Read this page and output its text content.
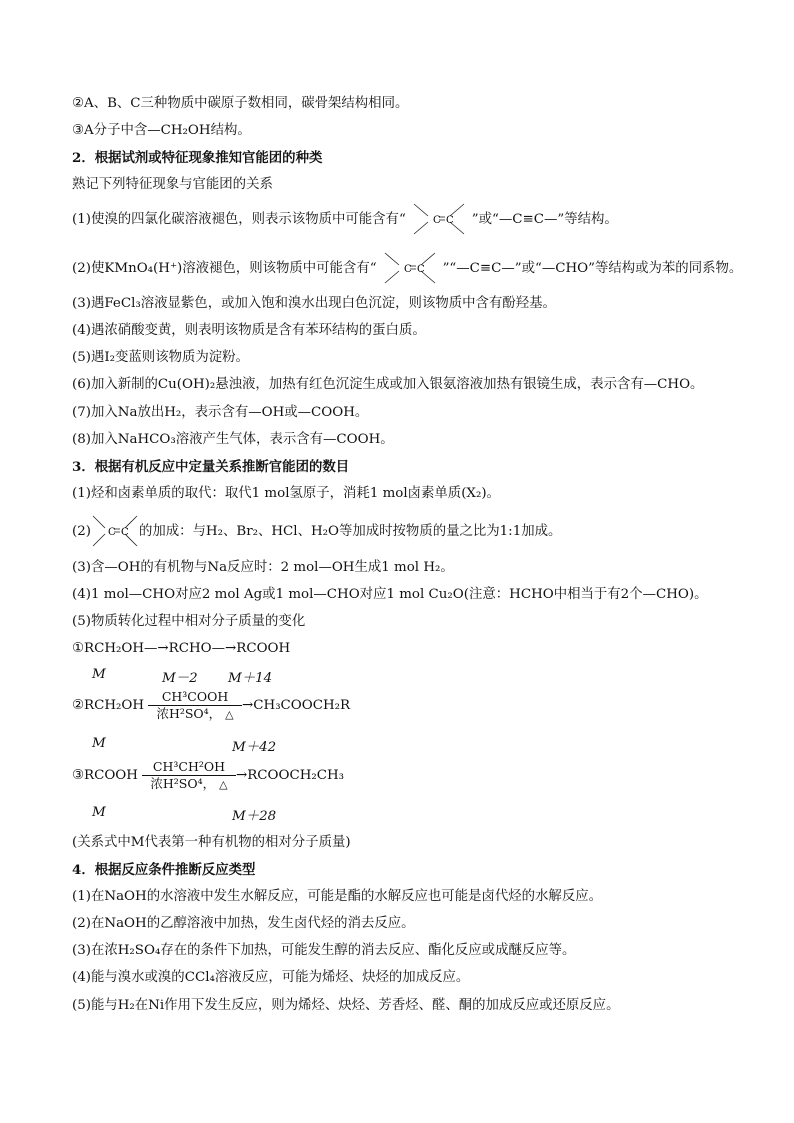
②A、B、C三种物质中碳原子数相同，碳骨架结构相同。
③A分子中含—CH₂OH结构。
2．根据试剂或特征现象推知官能团的种类
熟记下列特征现象与官能团的关系
(1)使溴的四氯化碳溶液褪色，则表示该物质中可能含有“	C C ”或“—C≡C—”等结构。
(2)使KMnO₄(H⁺)溶液褪色，则该物质中可能含有“	C C ”“—C≡C—”或“—CHO”等结构或为苯的同系物。
(3)遇FeCl₃溶液显紫色，或加入饱和溴水出现白色沉淀，则该物质中含有酚羟基。
(4)遇浓硝酸变黄，则表明该物质是含有苯环结构的蛋白质。
(5)遇I₂变蓝则该物质为淀粉。
(6)加入新制的Cu(OH)₂悬浊液，加热有红色沉淀生成或加入银氨溶液加热有银镜生成，表示含有—CHO。
(7)加入Na放出H₂，表示含有—OH或—COOH。
(8)加入NaHCO₃溶液产生气体，表示含有—COOH。
3．根据有机反应中定量关系推断官能团的数目
(1)烃和卤素单质的取代：取代1 mol氢原子，消耗1 mol卤素单质(X₂)。
(2) C C 的加成：与H₂、Br₂、HCl、H₂O等加成时按物质的量之比为1:1加成。
(3)含—OH的有机物与Na反应时：2 mol—OH生成1 mol H₂。
(4)1 mol—CHO对应2 mol Ag或1 mol—CHO对应1 mol Cu₂O(注意：HCHO中相当于有2个—CHO)。
(5)物质转化过程中相对分子质量的变化
①RCH₂OH—→RCHO—→RCOOH
M	M－2 M＋14
②RCH₂OH
CH³COOH
浓H²SO⁴， △
→CH₃COOCH₂R
M	M＋42
③RCOOH
CH³CH²OH
浓H²SO⁴， △
→RCOOCH₂CH₃
M	M＋28
(关系式中M代表第一种有机物的相对分子质量)
4．根据反应条件推断反应类型
(1)在NaOH的水溶液中发生水解反应，可能是酯的水解反应也可能是卤代烃的水解反应。
(2)在NaOH的乙醇溶液中加热，发生卤代烃的消去反应。
(3)在浓H₂SO₄存在的条件下加热，可能发生醇的消去反应、酯化反应或成醚反应等。
(4)能与溴水或溴的CCl₄溶液反应，可能为烯烃、炔烃的加成反应。
(5)能与H₂在Ni作用下发生反应，则为烯烃、炔烃、芳香烃、醛、酮的加成反应或还原反应。
